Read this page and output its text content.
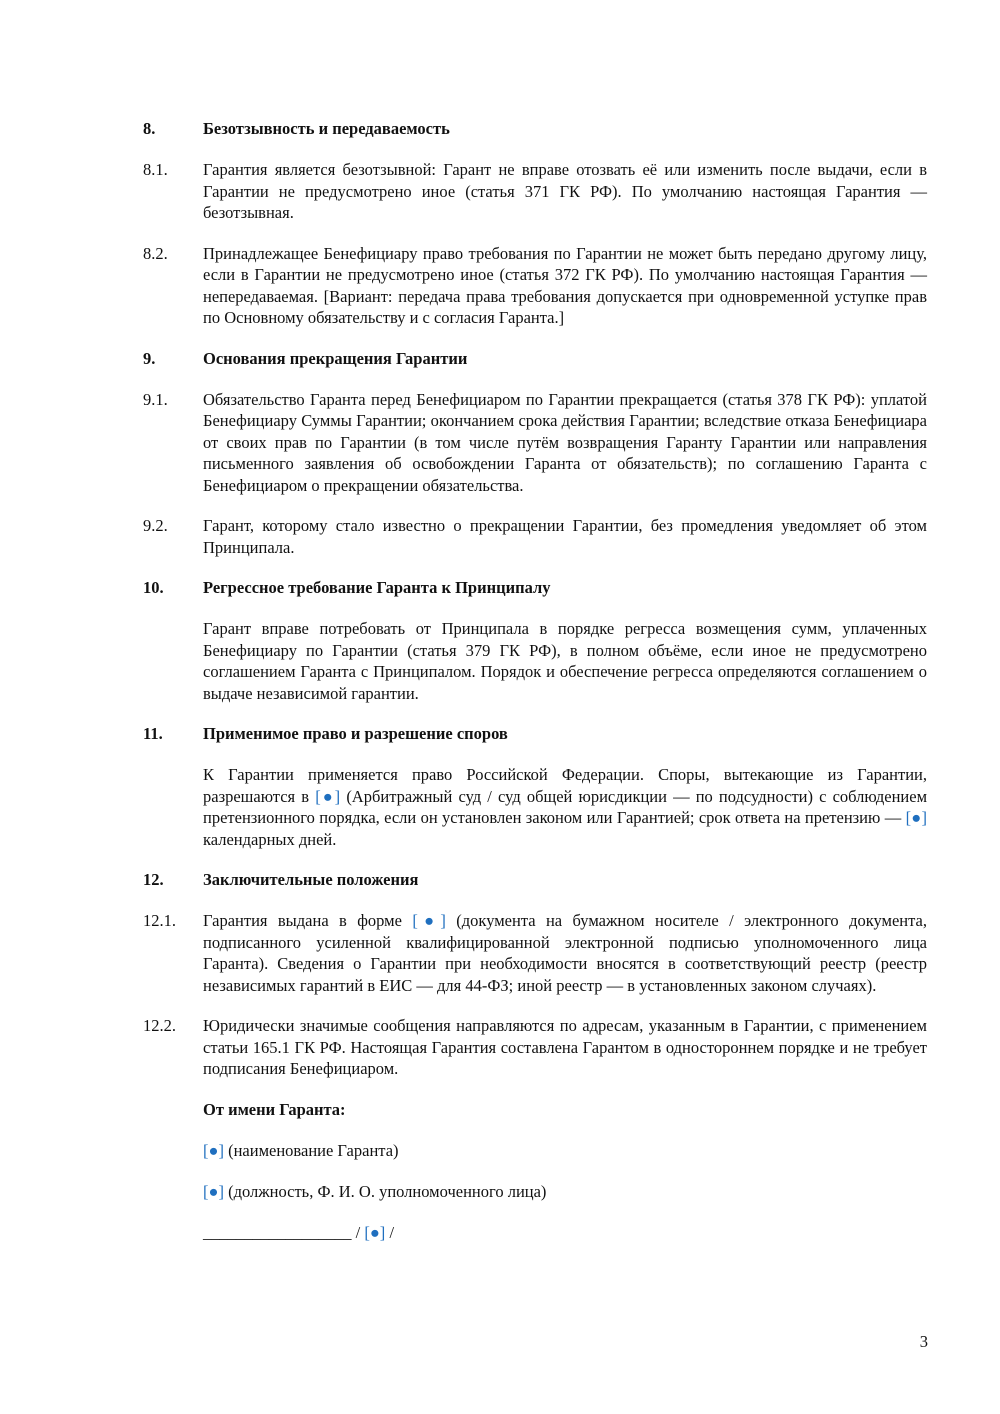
8.	Безотзывность и передаваемость
8.1.	Гарантия является безотзывной: Гарант не вправе отозвать её или изменить после выдачи, если в Гарантии не предусмотрено иное (статья 371 ГК РФ). По умолчанию настоящая Гарантия — безотзывная.
8.2.	Принадлежащее Бенефициару право требования по Гарантии не может быть передано другому лицу, если в Гарантии не предусмотрено иное (статья 372 ГК РФ). По умолчанию настоящая Гарантия — непередаваемая. [Вариант: передача права требования допускается при одновременной уступке прав по Основному обязательству и с согласия Гаранта.]
9.	Основания прекращения Гарантии
9.1.	Обязательство Гаранта перед Бенефициаром по Гарантии прекращается (статья 378 ГК РФ): уплатой Бенефициару Суммы Гарантии; окончанием срока действия Гарантии; вследствие отказа Бенефициара от своих прав по Гарантии (в том числе путём возвращения Гаранту Гарантии или направления письменного заявления об освобождении Гаранта от обязательств); по соглашению Гаранта с Бенефициаром о прекращении обязательства.
9.2.	Гарант, которому стало известно о прекращении Гарантии, без промедления уведомляет об этом Принципала.
10.	Регрессное требование Гаранта к Принципалу
Гарант вправе потребовать от Принципала в порядке регресса возмещения сумм, уплаченных Бенефициару по Гарантии (статья 379 ГК РФ), в полном объёме, если иное не предусмотрено соглашением Гаранта с Принципалом. Порядок и обеспечение регресса определяются соглашением о выдаче независимой гарантии.
11.	Применимое право и разрешение споров
К Гарантии применяется право Российской Федерации. Споры, вытекающие из Гарантии, разрешаются в [●] (Арбитражный суд / суд общей юрисдикции — по подсудности) с соблюдением претензионного порядка, если он установлен законом или Гарантией; срок ответа на претензию — [●] календарных дней.
12.	Заключительные положения
12.1.	Гарантия выдана в форме [●] (документа на бумажном носителе / электронного документа, подписанного усиленной квалифицированной электронной подписью уполномоченного лица Гаранта). Сведения о Гарантии при необходимости вносятся в соответствующий реестр (реестр независимых гарантий в ЕИС — для 44-ФЗ; иной реестр — в установленных законом случаях).
12.2.	Юридически значимые сообщения направляются по адресам, указанным в Гарантии, с применением статьи 165.1 ГК РФ. Настоящая Гарантия составлена Гарантом в одностороннем порядке и не требует подписания Бенефициаром.
От имени Гаранта:
[●] (наименование Гаранта)
[●] (должность, Ф. И. О. уполномоченного лица)
__________________ / [●] /
3
